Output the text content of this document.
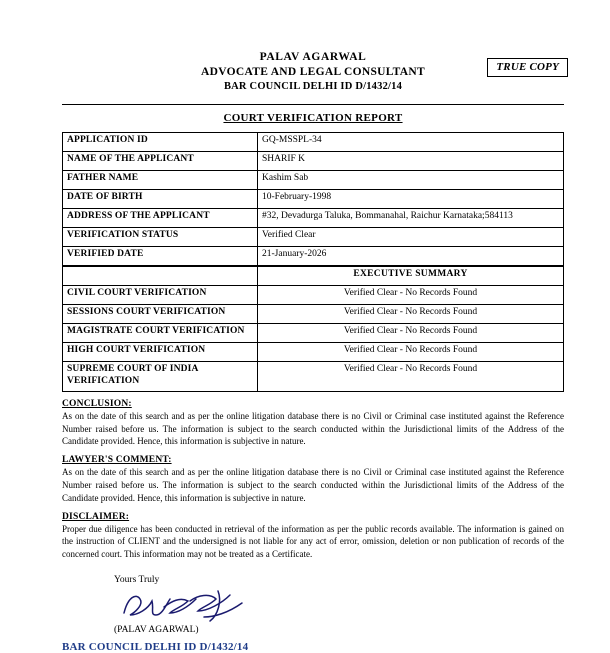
TRUE COPY
PALAV AGARWAL
ADVOCATE AND LEGAL CONSULTANT
BAR COUNCIL DELHI ID D/1432/14
COURT VERIFICATION REPORT
APPLICATION ID	GQ-MSSPL-34
NAME OF THE APPLICANT	SHARIF K
FATHER NAME	Kashim Sab
DATE OF BIRTH	10-February-1998
ADDRESS OF THE APPLICANT	#32, Devadurga Taluka, Bommanahal, Raichur Karnataka;584113
VERIFICATION STATUS	Verified Clear
VERIFIED DATE	21-January-2026
	EXECUTIVE SUMMARY
CIVIL COURT VERIFICATION	Verified Clear - No Records Found
SESSIONS COURT VERIFICATION	Verified Clear - No Records Found
MAGISTRATE COURT VERIFICATION	Verified Clear - No Records Found
HIGH COURT VERIFICATION	Verified Clear - No Records Found
SUPREME COURT OF INDIA VERIFICATION	Verified Clear - No Records Found
CONCLUSION:
As on the date of this search and as per the online litigation database there is no Civil or Criminal case instituted against the Reference Number raised before us. The information is subject to the search conducted within the Jurisdictional limits of the Address of the Candidate provided. Hence, this information is subjective in nature.
LAWYER'S COMMENT:
As on the date of this search and as per the online litigation database there is no Civil or Criminal case instituted against the Reference Number raised before us. The information is subject to the search conducted within the Jurisdictional limits of the Address of the Candidate provided. Hence, this information is subjective in nature.
DISCLAIMER:
Proper due diligence has been conducted in retrieval of the information as per the public records available. The information is gained on the instruction of CLIENT and the undersigned is not liable for any act of error, omission, deletion or non publication of records of the concerned court. This information may not be treated as a Certificate.
Yours Truly
(PALAV AGARWAL)
BAR COUNCIL DELHI ID D/1432/14
